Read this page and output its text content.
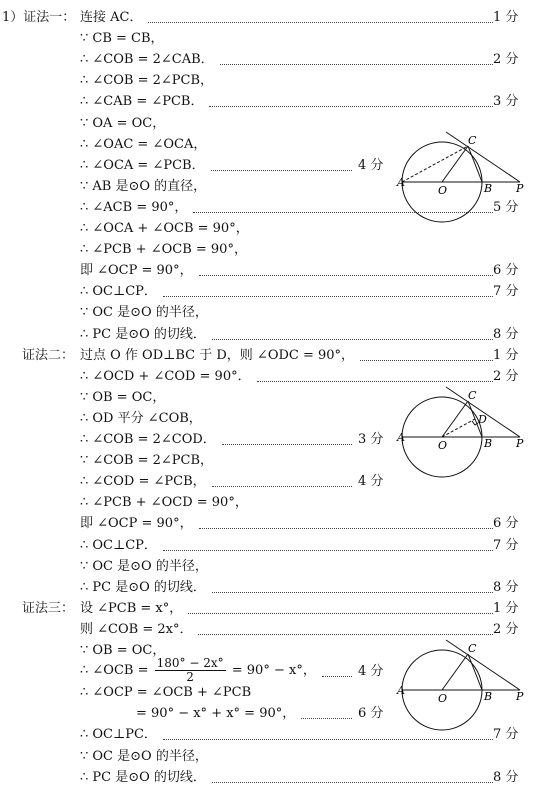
1）证法一： 连接 AC．	1 分
∵ CB = CB，
∴ ∠COB = 2∠CAB．	2 分
∴ ∠COB = 2∠PCB，
∴ ∠CAB = ∠PCB．	3 分
∵ OA = OC，
∴ ∠OAC = ∠OCA，
∴ ∠OCA = ∠PCB．	4 分
∵ AB 是⊙O 的直径，
∴ ∠ACB = 90°，	5 分
∴ ∠OCA + ∠OCB = 90°，
∴ ∠PCB + ∠OCB = 90°，
即 ∠OCP = 90°，	6 分
∴ OC⊥CP．	7 分
∵ OC 是⊙O 的半径，
∴ PC 是⊙O 的切线．	8 分
证法二： 过点 O 作 OD⊥BC 于 D，则 ∠ODC = 90°，	1 分
∴ ∠OCD + ∠COD = 90°．	2 分
∵ OB = OC，
∴ OD 平分 ∠COB，
∴ ∠COB = 2∠COD．	3 分
∵ ∠COB = 2∠PCB，
∴ ∠COD = ∠PCB，	4 分
∴ ∠PCB + ∠OCD = 90°，
即 ∠OCP = 90°，	6 分
∴ OC⊥CP．	7 分
∵ OC 是⊙O 的半径，
∴ PC 是⊙O 的切线．	8 分
证法三： 设 ∠PCB = x°，	1 分
则 ∠COB = 2x°．	2 分
∵ OB = OC，
∴ ∠OCB = $\frac{180^\circ - 2x^\circ}{2} = 90^\circ - x^\circ$，	4 分
∴ ∠OCP = ∠OCB + ∠PCB
= 90° − x° + x° = 90°，	6 分
∴ OC⊥PC．	7 分
∵ OC 是⊙O 的半径，
∴ PC 是⊙O 的切线．	8 分
A
O	B P
C
A
O	B P
C
D
A
O	B P
C
